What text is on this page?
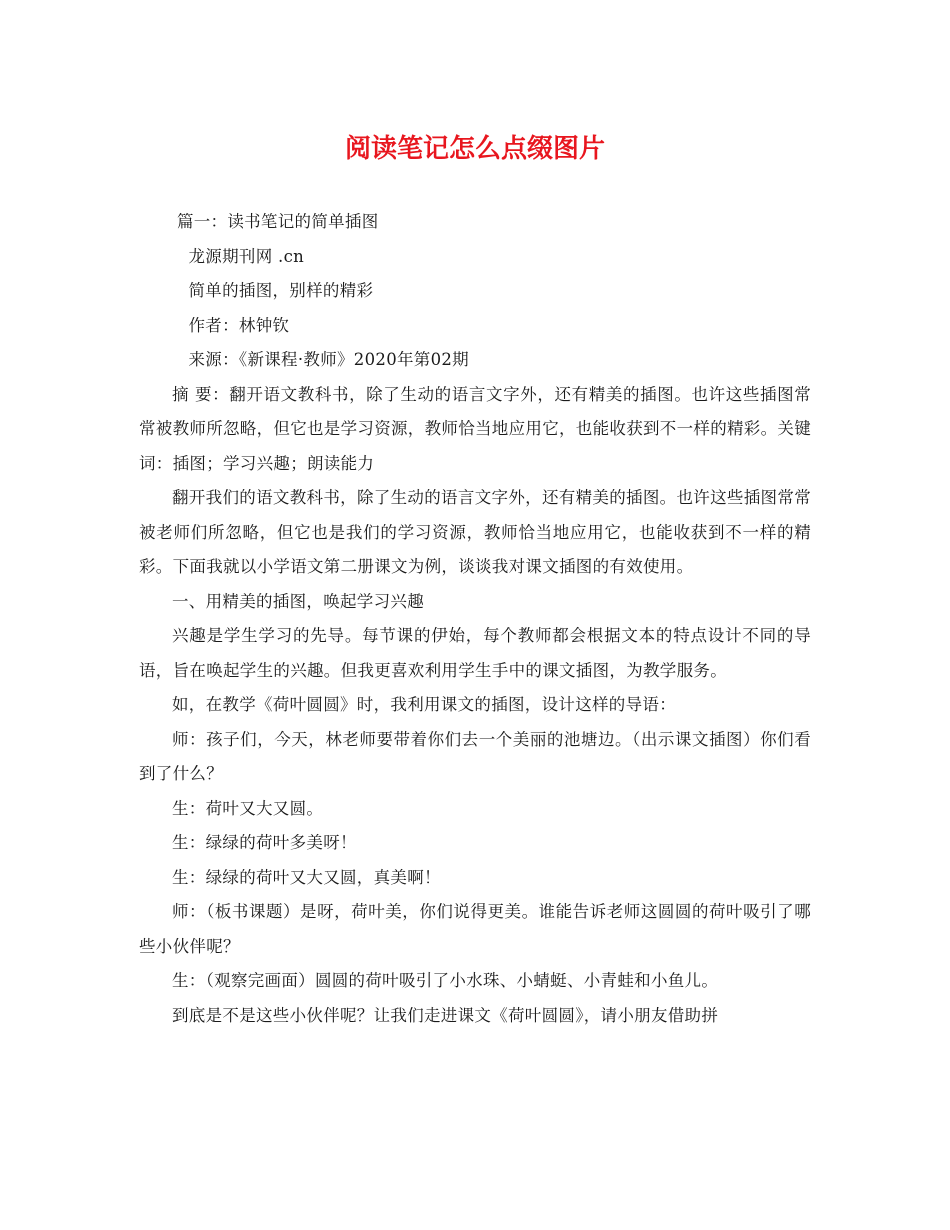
阅读笔记怎么点缀图片

篇一：读书笔记的简单插图

龙源期刊网 .cn

简单的插图，别样的精彩

作者：林钟钦

来源：《新课程·教师》2020年第02期

摘 要：翻开语文教科书，除了生动的语言文字外，还有精美的插图。也许这些插图常常被教师所忽略，但它也是学习资源，教师恰当地应用它，也能收获到不一样的精彩。关键词：插图；学习兴趣；朗读能力

翻开我们的语文教科书，除了生动的语言文字外，还有精美的插图。也许这些插图常常被老师们所忽略，但它也是我们的学习资源，教师恰当地应用它，也能收获到不一样的精彩。下面我就以小学语文第二册课文为例，谈谈我对课文插图的有效使用。

一、用精美的插图，唤起学习兴趣

兴趣是学生学习的先导。每节课的伊始，每个教师都会根据文本的特点设计不同的导语，旨在唤起学生的兴趣。但我更喜欢利用学生手中的课文插图，为教学服务。

如，在教学《荷叶圆圆》时，我利用课文的插图，设计这样的导语：

师：孩子们，今天，林老师要带着你们去一个美丽的池塘边。（出示课文插图）你们看到了什么？

生：荷叶又大又圆。

生：绿绿的荷叶多美呀！

生：绿绿的荷叶又大又圆，真美啊！

师：（板书课题）是呀，荷叶美，你们说得更美。谁能告诉老师这圆圆的荷叶吸引了哪些小伙伴呢？

生：（观察完画面）圆圆的荷叶吸引了小水珠、小蜻蜓、小青蛙和小鱼儿。

到底是不是这些小伙伴呢？让我们走进课文《荷叶圆圆》，请小朋友借助拼
